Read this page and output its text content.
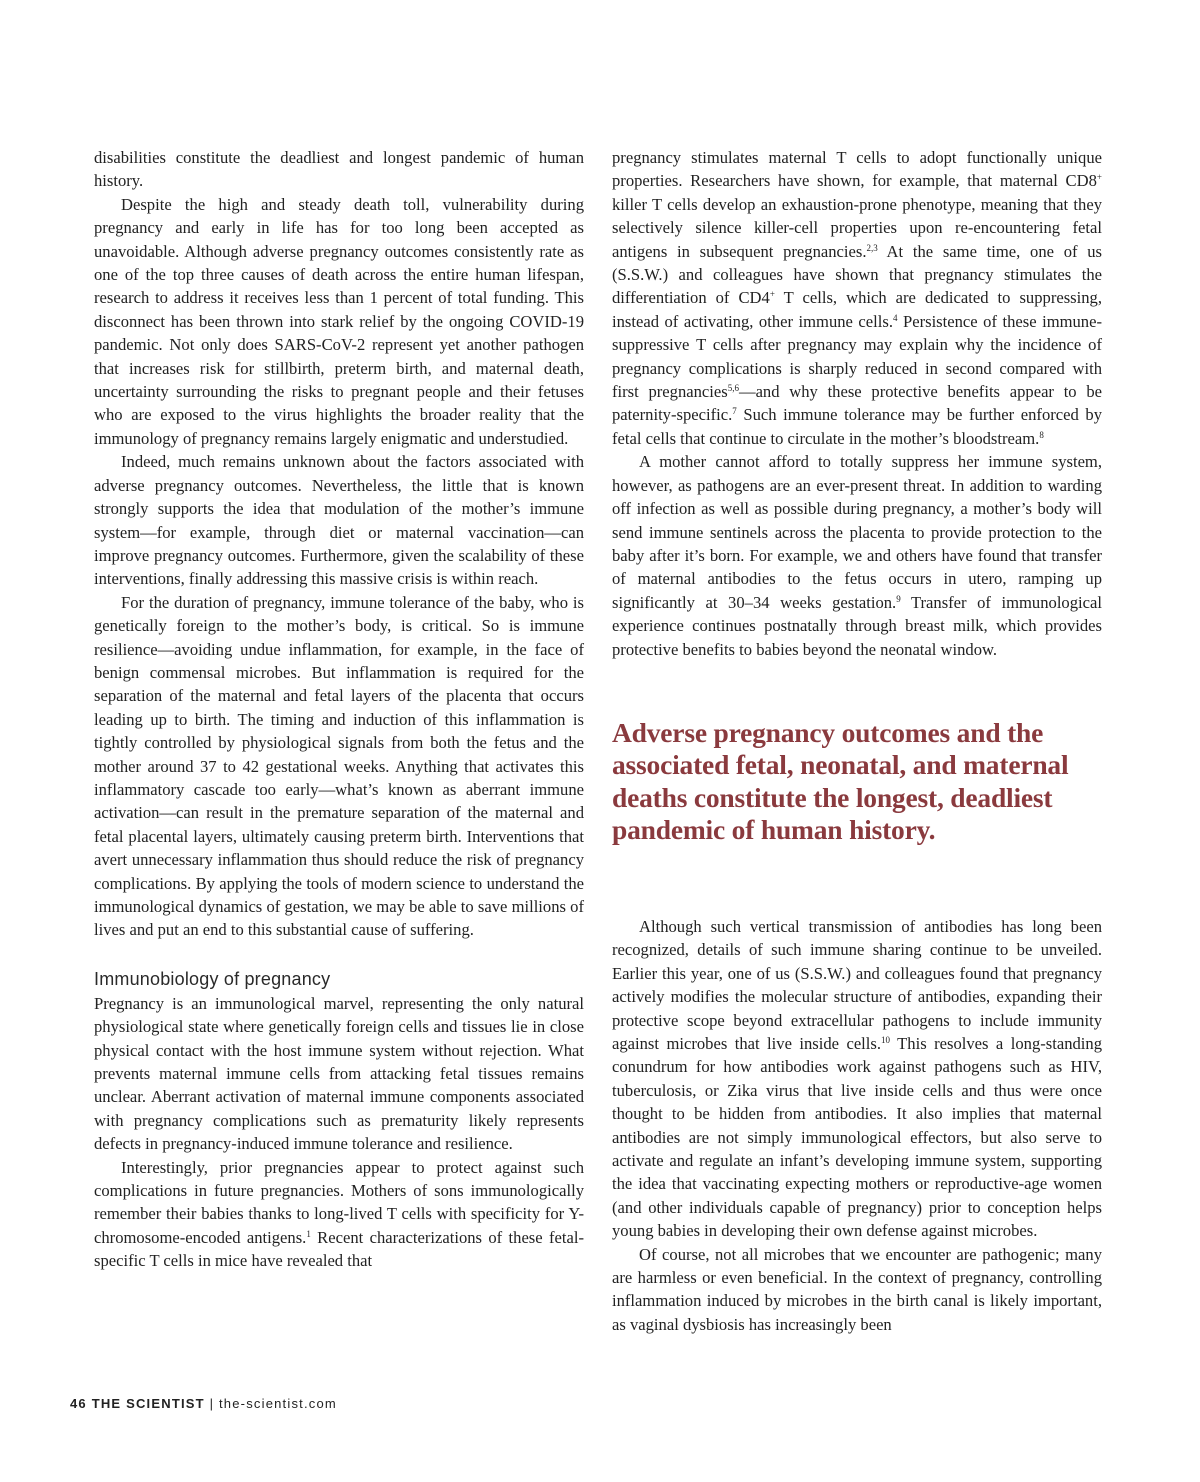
disabilities constitute the deadliest and longest pandemic of human history.

Despite the high and steady death toll, vulnerability during pregnancy and early in life has for too long been accepted as unavoidable. Although adverse pregnancy outcomes consistently rate as one of the top three causes of death across the entire human lifespan, research to address it receives less than 1 percent of total funding. This disconnect has been thrown into stark relief by the ongoing COVID-19 pandemic. Not only does SARS-CoV-2 represent yet another pathogen that increases risk for stillbirth, preterm birth, and maternal death, uncertainty surrounding the risks to pregnant people and their fetuses who are exposed to the virus highlights the broader reality that the immunology of pregnancy remains largely enigmatic and understudied.

Indeed, much remains unknown about the factors associated with adverse pregnancy outcomes. Nevertheless, the little that is known strongly supports the idea that modulation of the mother’s immune system—for example, through diet or maternal vaccination—can improve pregnancy outcomes. Furthermore, given the scalability of these interventions, finally addressing this massive crisis is within reach.

For the duration of pregnancy, immune tolerance of the baby, who is genetically foreign to the mother’s body, is critical. So is immune resilience—avoiding undue inflammation, for example, in the face of benign commensal microbes. But inflammation is required for the separation of the maternal and fetal layers of the placenta that occurs leading up to birth. The timing and induction of this inflammation is tightly controlled by physiological signals from both the fetus and the mother around 37 to 42 gestational weeks. Anything that activates this inflammatory cascade too early—what’s known as aberrant immune activation—can result in the premature separation of the maternal and fetal placental layers, ultimately causing preterm birth. Interventions that avert unnecessary inflammation thus should reduce the risk of pregnancy complications. By applying the tools of modern science to understand the immunological dynamics of gestation, we may be able to save millions of lives and put an end to this substantial cause of suffering.

Immunobiology of pregnancy

Pregnancy is an immunological marvel, representing the only natural physiological state where genetically foreign cells and tissues lie in close physical contact with the host immune system without rejection. What prevents maternal immune cells from attacking fetal tissues remains unclear. Aberrant activation of maternal immune components associated with pregnancy complications such as prematurity likely represents defects in pregnancy-induced immune tolerance and resilience.

Interestingly, prior pregnancies appear to protect against such complications in future pregnancies. Mothers of sons immunologically remember their babies thanks to long-lived T cells with specificity for Y-chromosome-encoded antigens.$^1$ Recent characterizations of these fetal-specific T cells in mice have revealed that

pregnancy stimulates maternal T cells to adopt functionally unique properties. Researchers have shown, for example, that maternal CD8+ killer T cells develop an exhaustion-prone phenotype, meaning that they selectively silence killer-cell properties upon re-encountering fetal antigens in subsequent pregnancies.$^{2,3}$ At the same time, one of us (S.S.W.) and colleagues have shown that pregnancy stimulates the differentiation of CD4+ T cells, which are dedicated to suppressing, instead of activating, other immune cells.$^4$ Persistence of these immune-suppressive T cells after pregnancy may explain why the incidence of pregnancy complications is sharply reduced in second compared with first pregnancies$^{5,6}$—and why these protective benefits appear to be paternity-specific.$^7$ Such immune tolerance may be further enforced by fetal cells that continue to circulate in the mother’s bloodstream.$^8$

A mother cannot afford to totally suppress her immune system, however, as pathogens are an ever-present threat. In addition to warding off infection as well as possible during pregnancy, a mother’s body will send immune sentinels across the placenta to provide protection to the baby after it’s born. For example, we and others have found that transfer of maternal antibodies to the fetus occurs in utero, ramping up significantly at 30–34 weeks gestation.$^9$ Transfer of immunological experience continues postnatally through breast milk, which provides protective benefits to babies beyond the neonatal window.

Adverse pregnancy outcomes and the associated fetal, neonatal, and maternal deaths constitute the longest, deadliest pandemic of human history.

Although such vertical transmission of antibodies has long been recognized, details of such immune sharing continue to be unveiled. Earlier this year, one of us (S.S.W.) and colleagues found that pregnancy actively modifies the molecular structure of antibodies, expanding their protective scope beyond extracellular pathogens to include immunity against microbes that live inside cells.$^{10}$ This resolves a long-standing conundrum for how antibodies work against pathogens such as HIV, tuberculosis, or Zika virus that live inside cells and thus were once thought to be hidden from antibodies. It also implies that maternal antibodies are not simply immunological effectors, but also serve to activate and regulate an infant’s developing immune system, supporting the idea that vaccinating expecting mothers or reproductive-age women (and other individuals capable of pregnancy) prior to conception helps young babies in developing their own defense against microbes.

Of course, not all microbes that we encounter are pathogenic; many are harmless or even beneficial. In the context of pregnancy, controlling inflammation induced by microbes in the birth canal is likely important, as vaginal dysbiosis has increasingly been

46 THE SCIENTIST | the-scientist.com
